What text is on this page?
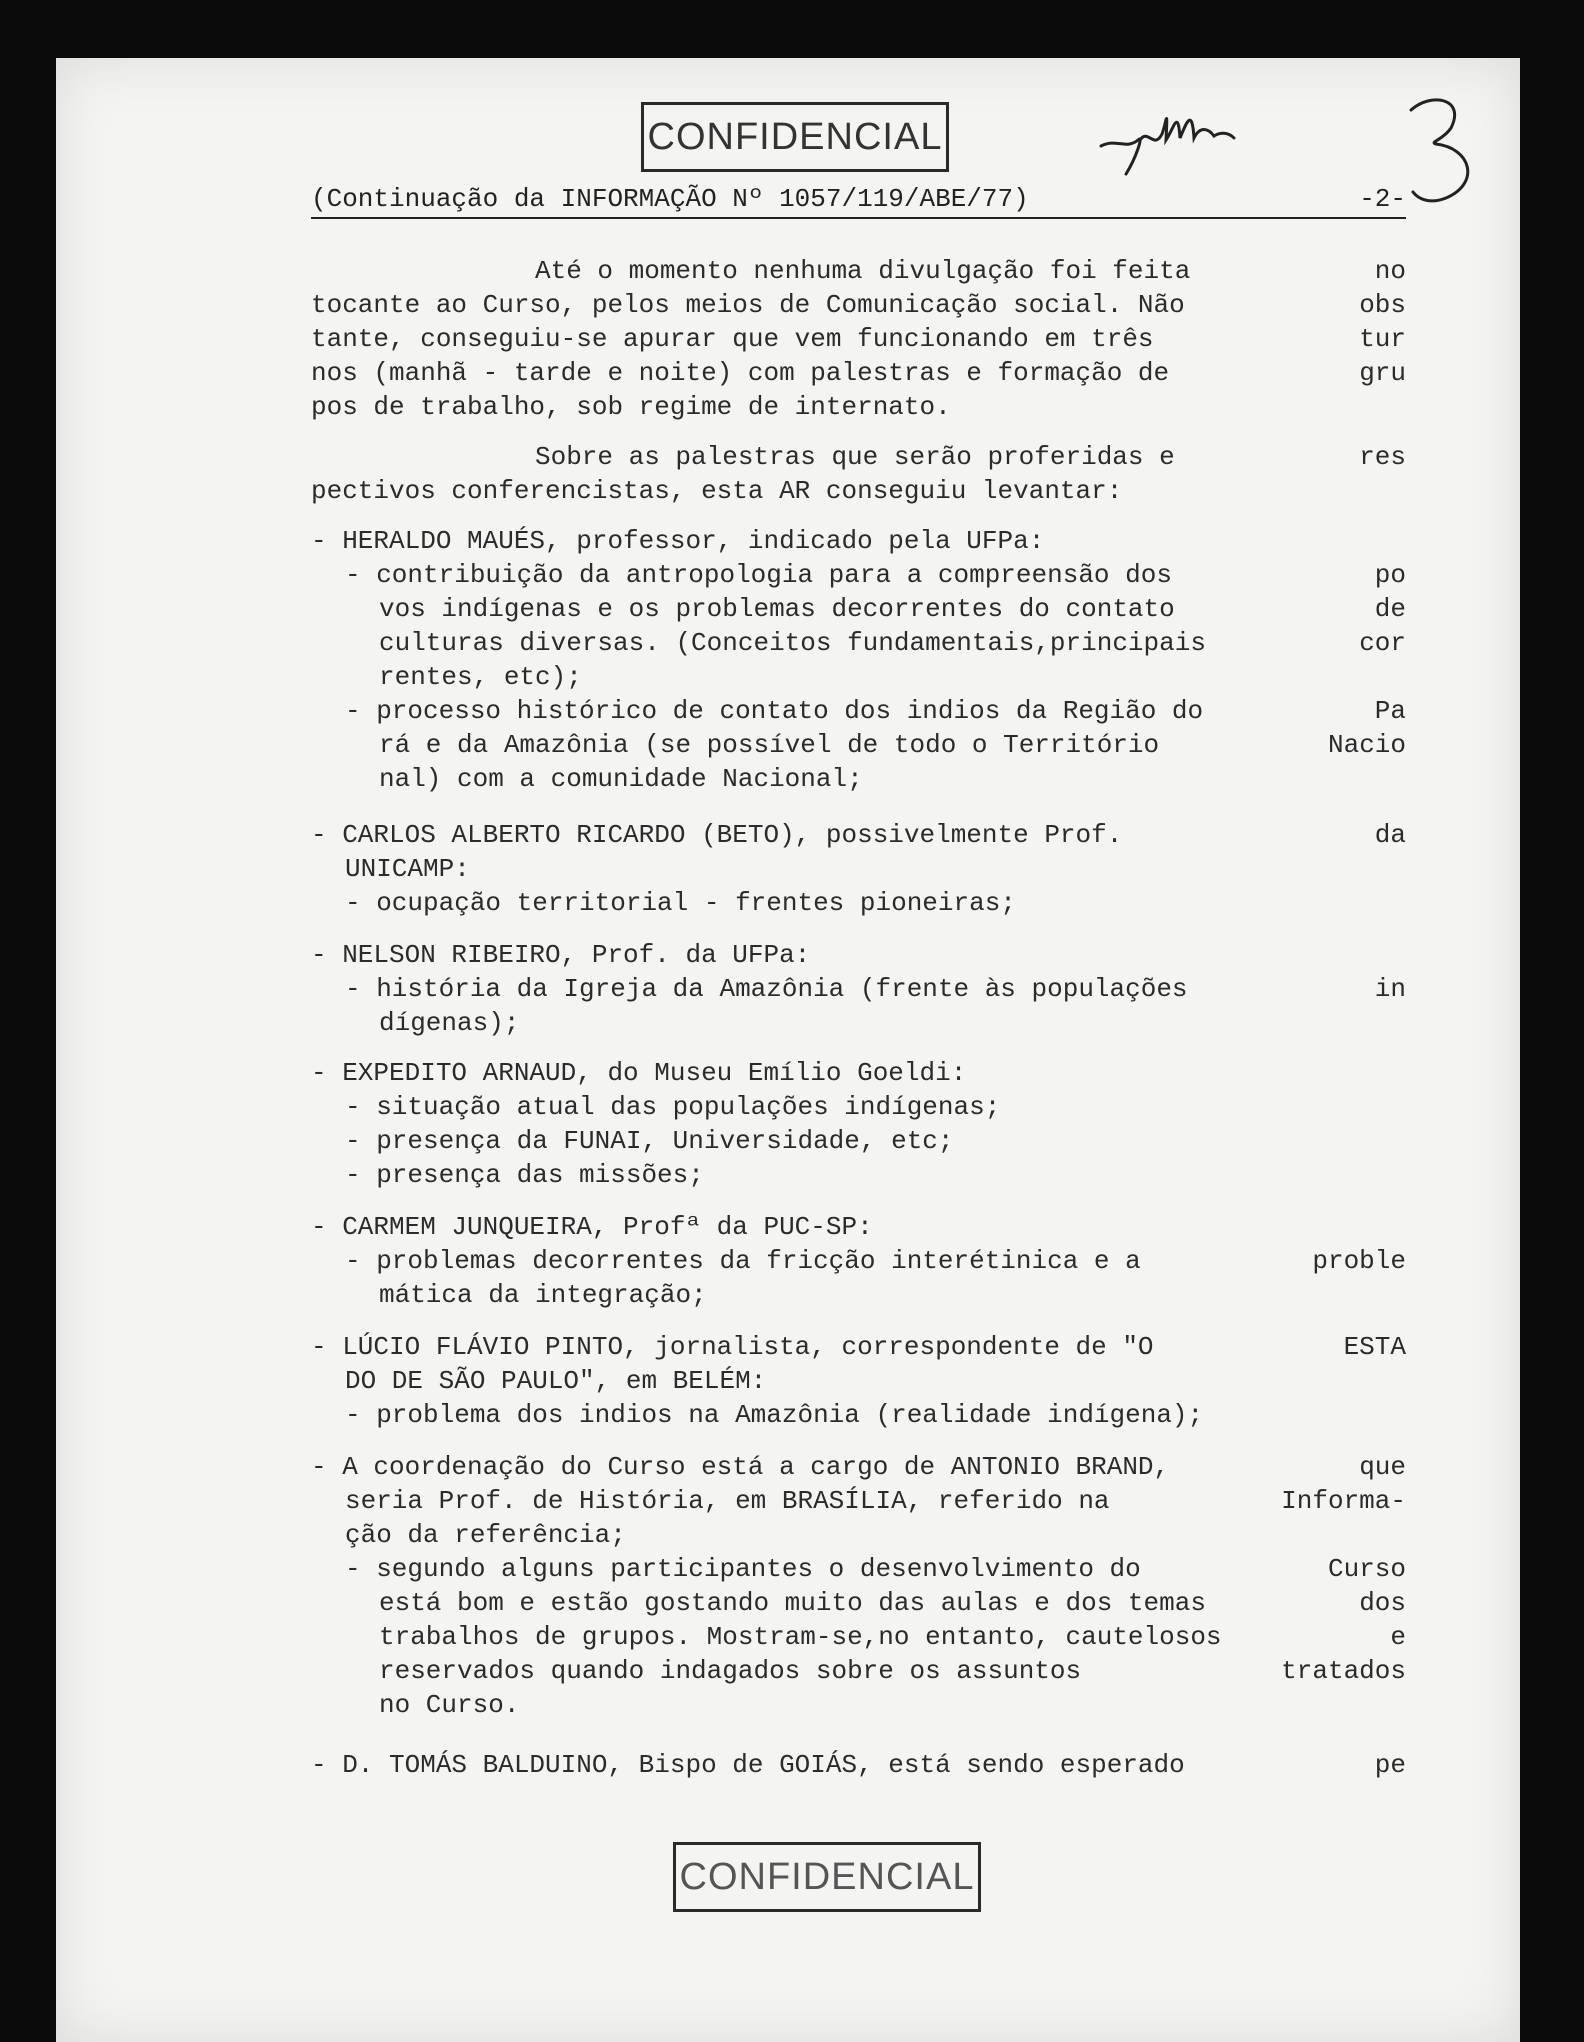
CONFIDENCIAL
(Continuação da INFORMAÇÃO Nº 1057/119/ABE/77)	-2-
Até o momento nenhuma divulgação foi feita	no
tocante ao Curso, pelos meios de Comunicação social. Não	obs
tante, conseguiu-se apurar que vem funcionando em três	tur
nos (manhã - tarde e noite) com palestras e formação de	gru
pos de trabalho, sob regime de internato.
Sobre as palestras que serão proferidas e	res
pectivos conferencistas, esta AR conseguiu levantar:
- HERALDO MAUÉS, professor, indicado pela UFPa:
- contribuição da antropologia para a compreensão dos	po
vos indígenas e os problemas decorrentes do contato	de
culturas diversas. (Conceitos fundamentais,principais	cor
rentes, etc);
- processo histórico de contato dos indios da Região do	Pa
rá e da Amazônia (se possível de todo o Território	Nacio
nal) com a comunidade Nacional;
- CARLOS ALBERTO RICARDO (BETO), possivelmente Prof.	da
UNICAMP:
- ocupação territorial - frentes pioneiras;
- NELSON RIBEIRO, Prof. da UFPa:
- história da Igreja da Amazônia (frente às populações	in
dígenas);
- EXPEDITO ARNAUD, do Museu Emílio Goeldi:
- situação atual das populações indígenas;
- presença da FUNAI, Universidade, etc;
- presença das missões;
- CARMEM JUNQUEIRA, Profª da PUC-SP:
- problemas decorrentes da fricção interétinica e a	proble
mática da integração;
- LÚCIO FLÁVIO PINTO, jornalista, correspondente de "O	ESTA
DO DE SÃO PAULO", em BELÉM:
- problema dos indios na Amazônia (realidade indígena);
- A coordenação do Curso está a cargo de ANTONIO BRAND,	que
seria Prof. de História, em BRASÍLIA, referido na	Informa-
ção da referência;
- segundo alguns participantes o desenvolvimento do	Curso
está bom e estão gostando muito das aulas e dos temas	dos
trabalhos de grupos. Mostram-se,no entanto, cautelosos	e
reservados quando indagados sobre os assuntos	tratados
no Curso.
- D. TOMÁS BALDUINO, Bispo de GOIÁS, está sendo esperado	pe
CONFIDENCIAL
